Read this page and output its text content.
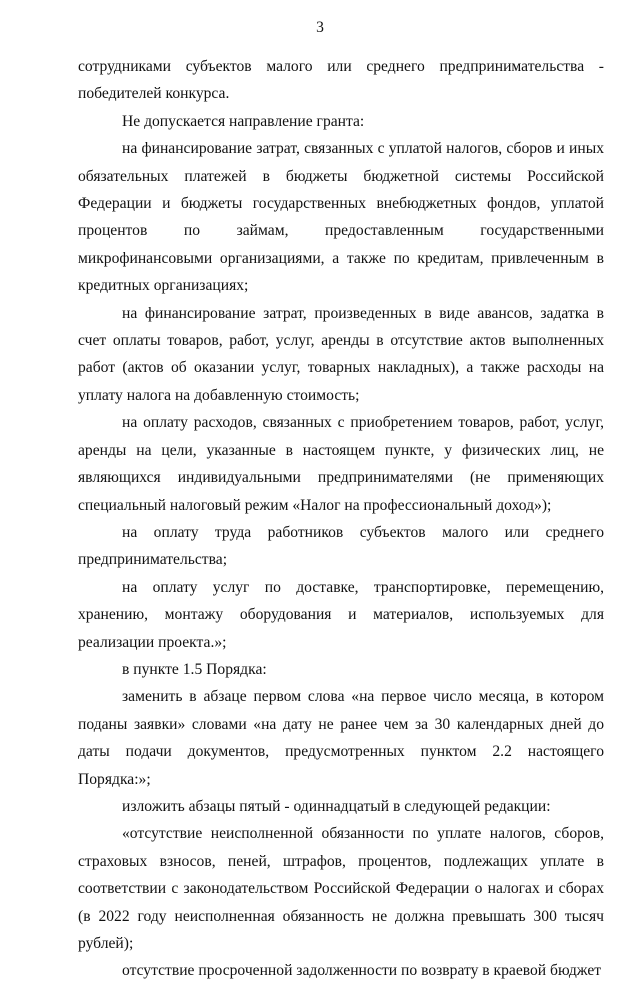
3

сотрудниками субъектов малого или среднего предпринимательства - победителей конкурса.

Не допускается направление гранта:

на финансирование затрат, связанных с уплатой налогов, сборов и иных обязательных платежей в бюджеты бюджетной системы Российской Федерации и бюджеты государственных внебюджетных фондов, уплатой процентов по займам, предоставленным государственными микрофинансовыми организациями, а также по кредитам, привлеченным в кредитных организациях;

на финансирование затрат, произведенных в виде авансов, задатка в счет оплаты товаров, работ, услуг, аренды в отсутствие актов выполненных работ (актов об оказании услуг, товарных накладных), а также расходы на уплату налога на добавленную стоимость;

на оплату расходов, связанных с приобретением товаров, работ, услуг, аренды на цели, указанные в настоящем пункте, у физических лиц, не являющихся индивидуальными предпринимателями (не применяющих специальный налоговый режим «Налог на профессиональный доход»);

на оплату труда работников субъектов малого или среднего предпринимательства;

на оплату услуг по доставке, транспортировке, перемещению, хранению, монтажу оборудования и материалов, используемых для реализации проекта.»;

в пункте 1.5 Порядка:

заменить в абзаце первом слова «на первое число месяца, в котором поданы заявки» словами «на дату не ранее чем за 30 календарных дней до даты подачи документов, предусмотренных пунктом 2.2 настоящего Порядка:»;

изложить абзацы пятый - одиннадцатый в следующей редакции:

«отсутствие неисполненной обязанности по уплате налогов, сборов, страховых взносов, пеней, штрафов, процентов, подлежащих уплате в соответствии с законодательством Российской Федерации о налогах и сборах (в 2022 году неисполненная обязанность не должна превышать 300 тысяч рублей);

отсутствие просроченной задолженности по возврату в краевой бюджет
